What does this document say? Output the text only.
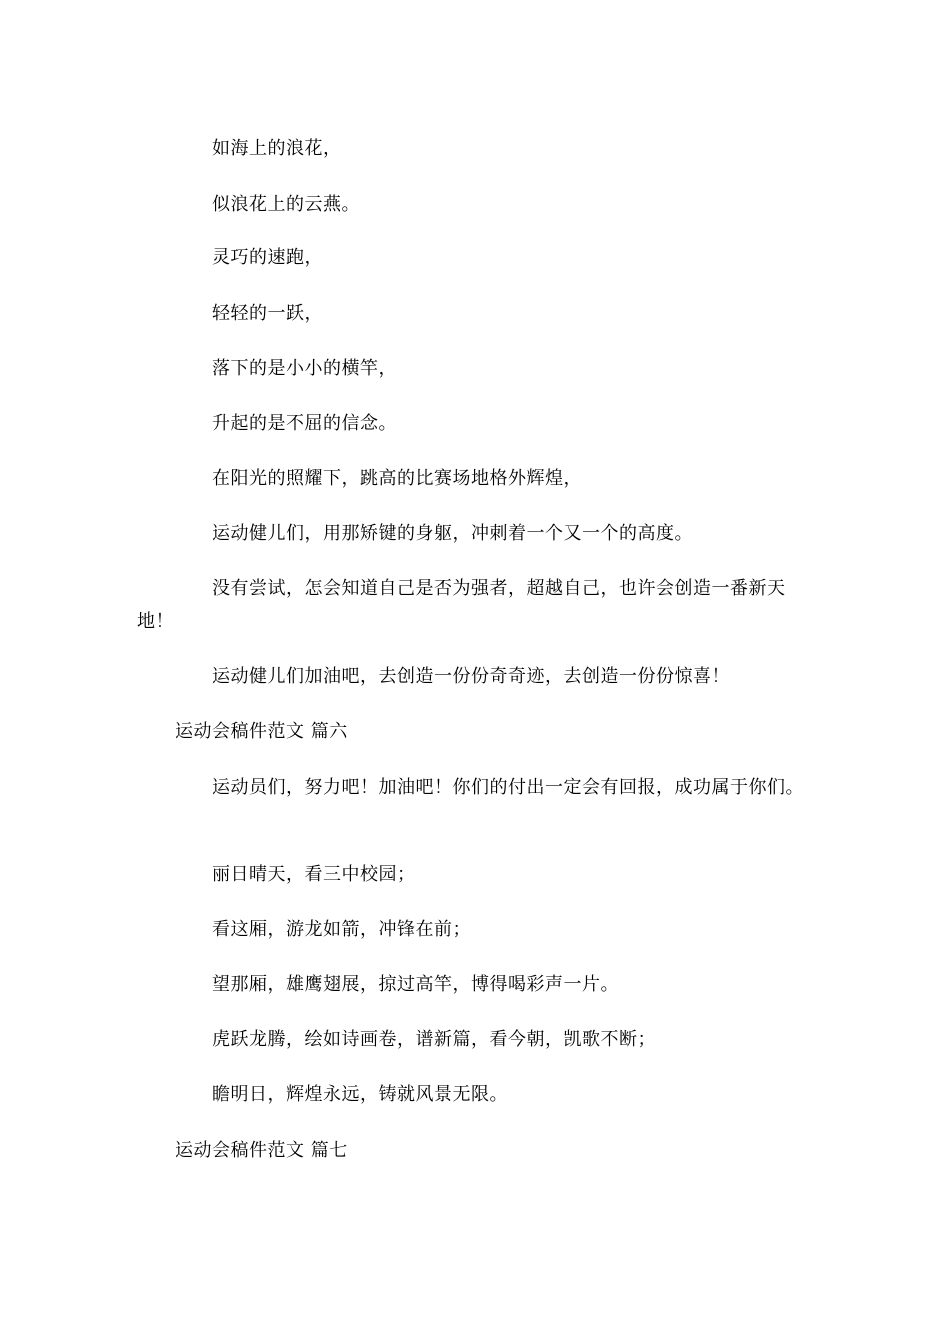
如海上的浪花，
似浪花上的云燕。
灵巧的速跑，
轻轻的一跃，
落下的是小小的横竿，
升起的是不屈的信念。
在阳光的照耀下，跳高的比赛场地格外辉煌，
运动健儿们，用那矫键的身躯，冲刺着一个又一个的高度。
没有尝试，怎会知道自己是否为强者，超越自己，也许会创造一番新天
地！
运动健儿们加油吧，去创造一份份奇奇迹，去创造一份份惊喜！
运动会稿件范文 篇六
运动员们，努力吧！加油吧！你们的付出一定会有回报，成功属于你们。
丽日晴天，看三中校园；
看这厢，游龙如箭，冲锋在前；
望那厢，雄鹰翅展，掠过高竿，博得喝彩声一片。
虎跃龙腾，绘如诗画卷，谱新篇，看今朝，凯歌不断；
瞻明日，辉煌永远，铸就风景无限。
运动会稿件范文 篇七
